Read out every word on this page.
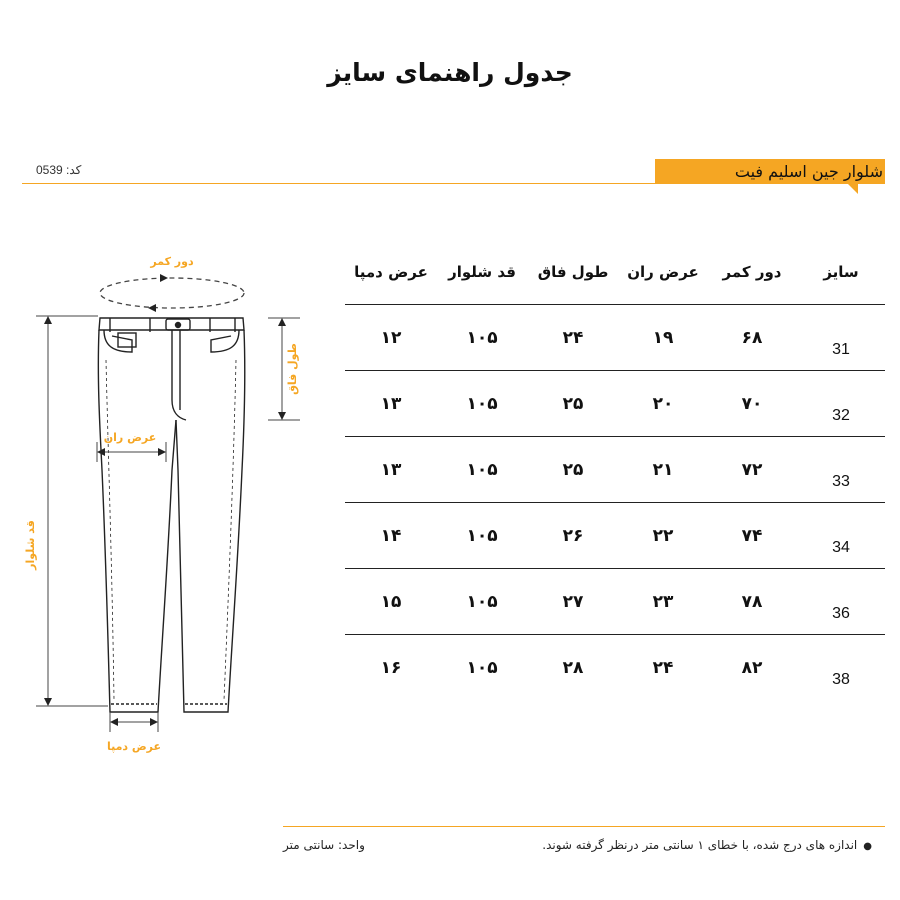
جدول راهنمای سایز
کد: 0539	شلوار جین اسلیم فیت
دور کمر
طول فاق
عرض ران
قد شلوار
عرض دمپا
سایز
دور کمر
عرض ران
طول فاق
قد شلوار
عرض دمپا
31
۶۸
۱۹
۲۴
۱۰۵
۱۲
32
۷۰
۲۰
۲۵
۱۰۵
۱۳
33
۷۲
۲۱
۲۵
۱۰۵
۱۳
34
۷۴
۲۲
۲۶
۱۰۵
۱۴
36
۷۸
۲۳
۲۷
۱۰۵
۱۵
38
۸۲
۲۴
۲۸
۱۰۵
۱۶
●اندازه های درج شده، با خطای ۱ سانتی متر درنظر گرفته شوند.
واحد: سانتی متر
